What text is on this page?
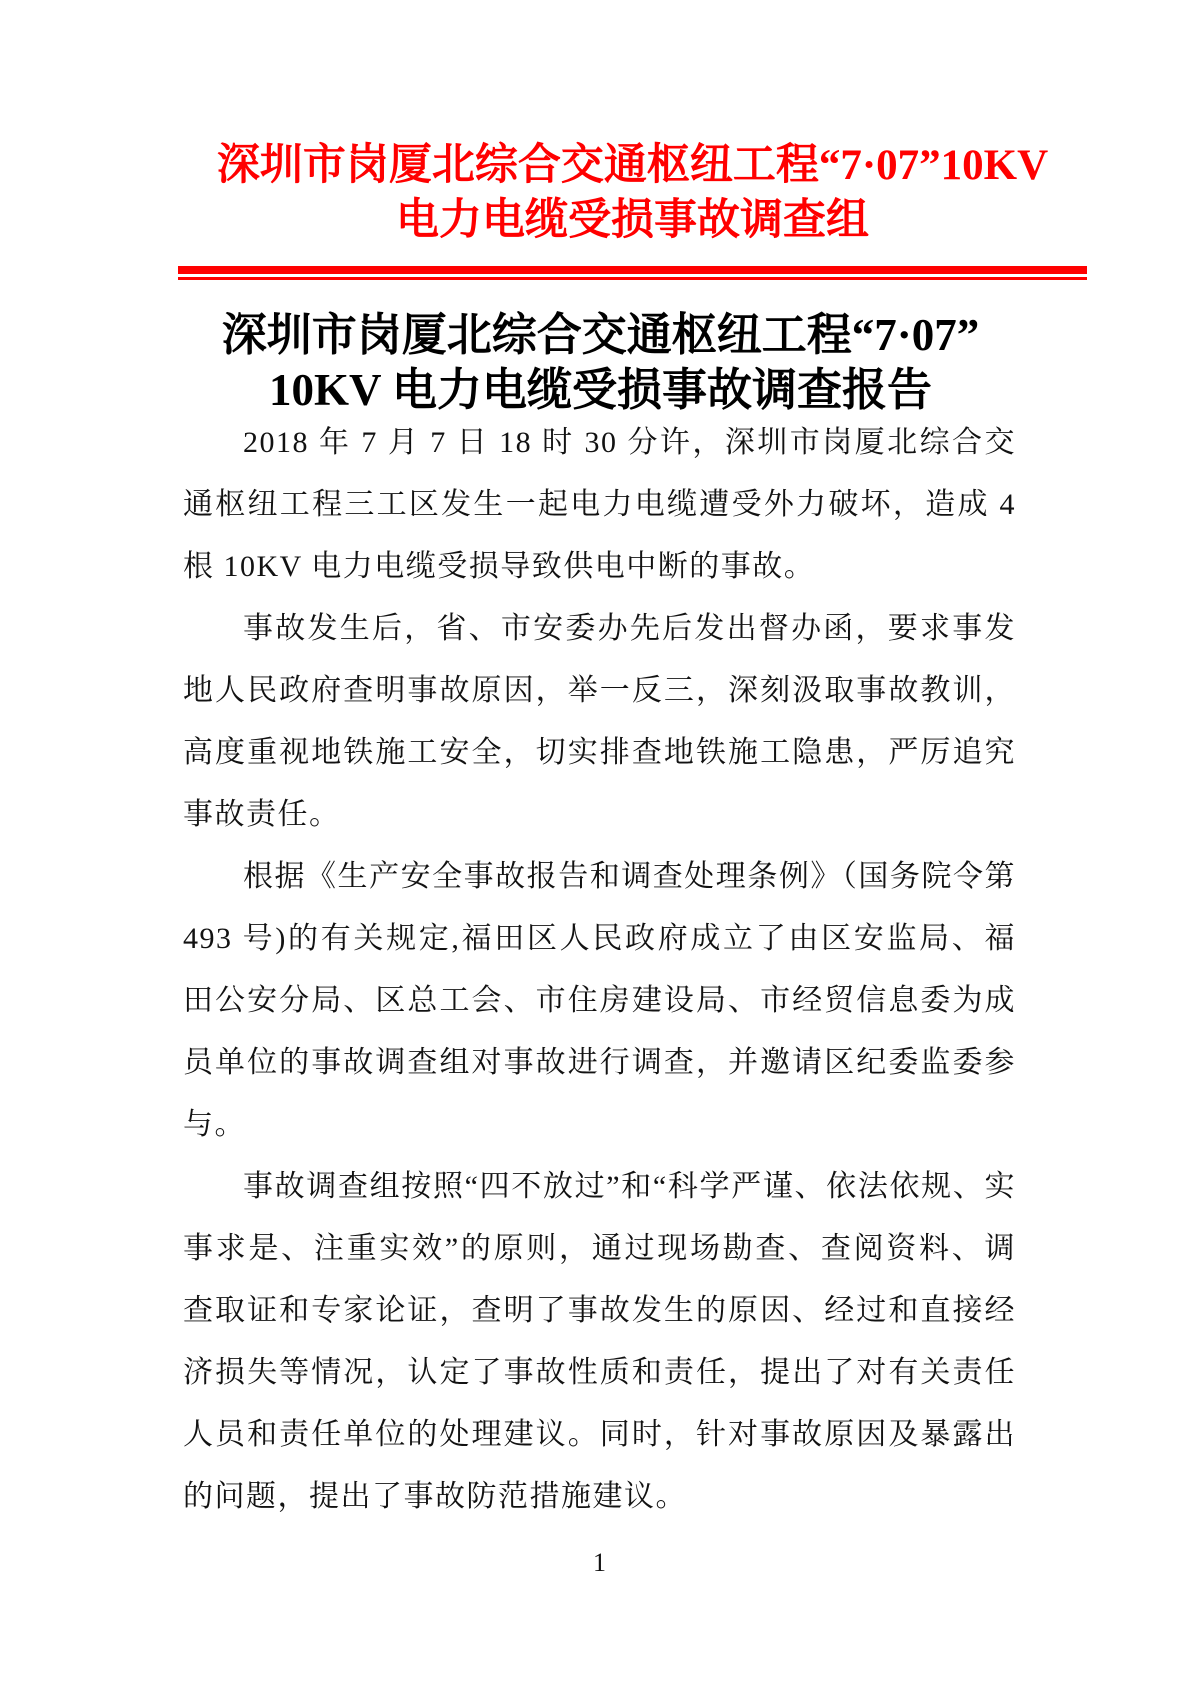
深圳市岗厦北综合交通枢纽工程“7·07”10KV
电力电缆受损事故调查组
深圳市岗厦北综合交通枢纽工程“7·07”
10KV 电力电缆受损事故调查报告

2018 年 7 月 7 日 18 时 30 分许，深圳市岗厦北综合交通枢纽工程三工区发生一起电力电缆遭受外力破坏，造成 4 根 10KV 电力电缆受损导致供电中断的事故。

事故发生后，省、市安委办先后发出督办函，要求事发地人民政府查明事故原因，举一反三，深刻汲取事故教训，高度重视地铁施工安全，切实排查地铁施工隐患，严厉追究事故责任。

根据《生产安全事故报告和调查处理条例》（国务院令第 493 号)的有关规定,福田区人民政府成立了由区安监局、福田公安分局、区总工会、市住房建设局、市经贸信息委为成员单位的事故调查组对事故进行调查，并邀请区纪委监委参与。

事故调查组按照“四不放过”和“科学严谨、依法依规、实事求是、注重实效”的原则，通过现场勘查、查阅资料、调查取证和专家论证，查明了事故发生的原因、经过和直接经济损失等情况，认定了事故性质和责任，提出了对有关责任人员和责任单位的处理建议。同时，针对事故原因及暴露出的问题，提出了事故防范措施建议。

1
